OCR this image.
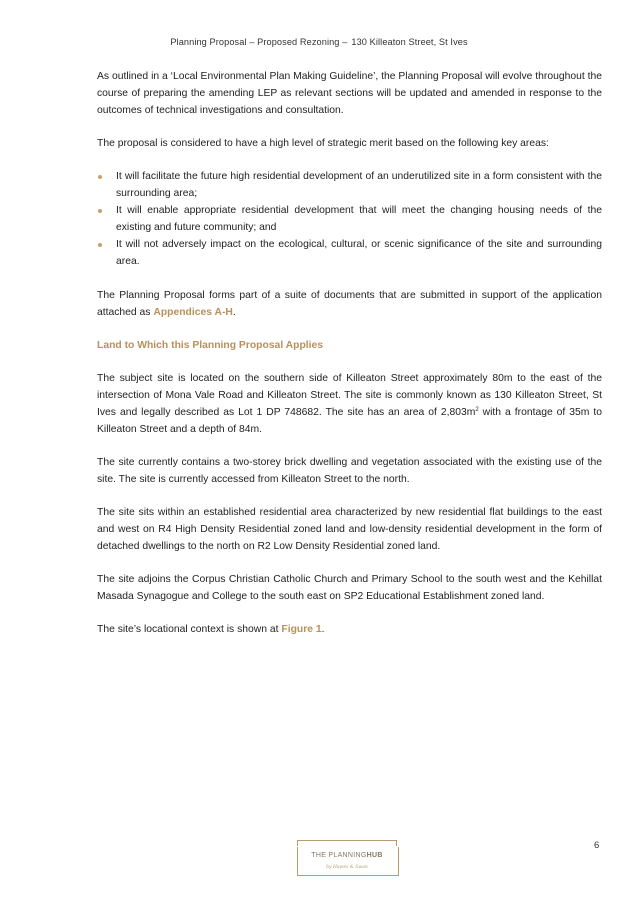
Planning Proposal – Proposed Rezoning – 130 Killeaton Street, St Ives

As outlined in a ‘Local Environmental Plan Making Guideline’, the Planning Proposal will evolve throughout the course of preparing the amending LEP as relevant sections will be updated and amended in response to the outcomes of technical investigations and consultation.

The proposal is considered to have a high level of strategic merit based on the following key areas:

It will facilitate the future high residential development of an underutilized site in a form consistent with the surrounding area;
It will enable appropriate residential development that will meet the changing housing needs of the existing and future community; and
It will not adversely impact on the ecological, cultural, or scenic significance of the site and surrounding area.

The Planning Proposal forms part of a suite of documents that are submitted in support of the application attached as Appendices A-H.

Land to Which this Planning Proposal Applies

The subject site is located on the southern side of Killeaton Street approximately 80m to the east of the intersection of Mona Vale Road and Killeaton Street. The site is commonly known as 130 Killeaton Street, St Ives and legally described as Lot 1 DP 748682. The site has an area of $2,803m^2$ with a frontage of 35m to Killeaton Street and a depth of 84m.

The site currently contains a two-storey brick dwelling and vegetation associated with the existing use of the site. The site is currently accessed from Killeaton Street to the north.

The site sits within an established residential area characterized by new residential flat buildings to the east and west on R4 High Density Residential zoned land and low-density residential development in the form of detached dwellings to the north on R2 Low Density Residential zoned land.

The site adjoins the Corpus Christian Catholic Church and Primary School to the south west and the Kehillat Masada Synagogue and College to the south east on SP2 Educational Establishment zoned land.

The site’s locational context is shown at Figure 1.

THE PLANNINGHUB
by Hawes & Swan
6
